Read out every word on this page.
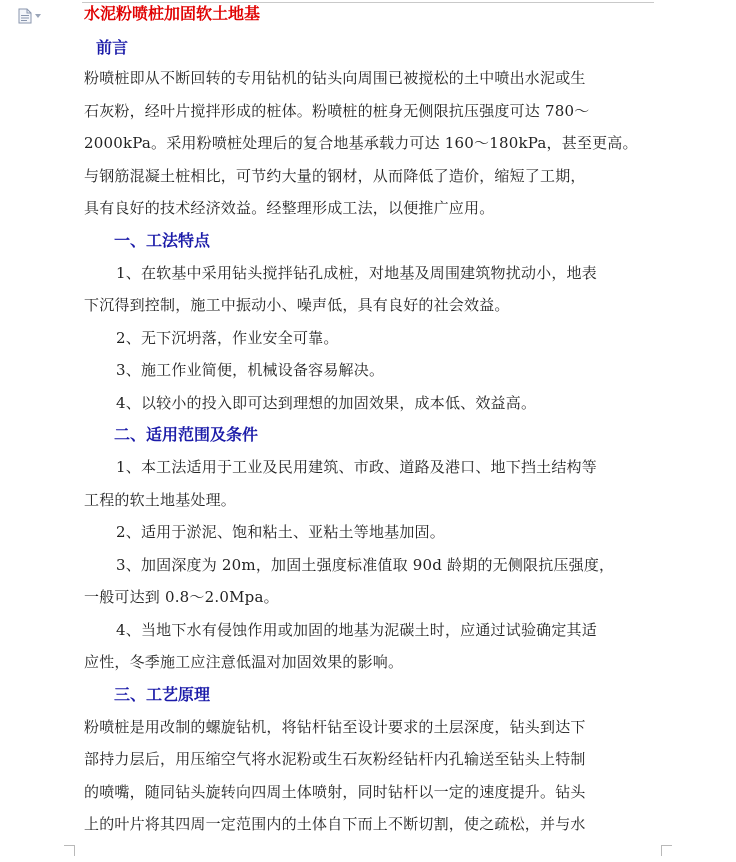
水泥粉喷桩加固软土地基
前言

粉喷桩即从不断回转的专用钻机的钻头向周围已被搅松的土中喷出水泥或生
石灰粉，经叶片搅拌形成的桩体。粉喷桩的桩身无侧限抗压强度可达 780～
2000kPa。采用粉喷桩处理后的复合地基承载力可达 160～180kPa，甚至更高。
与钢筋混凝土桩相比，可节约大量的钢材，从而降低了造价，缩短了工期，
具有良好的技术经济效益。经整理形成工法，以便推广应用。

一、工法特点

1、在软基中采用钻头搅拌钻孔成桩，对地基及周围建筑物扰动小，地表
下沉得到控制，施工中振动小、噪声低，具有良好的社会效益。

2、无下沉坍落，作业安全可靠。

3、施工作业简便，机械设备容易解决。

4、以较小的投入即可达到理想的加固效果，成本低、效益高。

二、适用范围及条件

1、本工法适用于工业及民用建筑、市政、道路及港口、地下挡土结构等
工程的软土地基处理。

2、适用于淤泥、饱和粘土、亚粘土等地基加固。

3、加固深度为 20m，加固土强度标准值取 90d 龄期的无侧限抗压强度，
一般可达到 0.8～2.0Mpa。

4、当地下水有侵蚀作用或加固的地基为泥碳土时，应通过试验确定其适
应性，冬季施工应注意低温对加固效果的影响。

三、工艺原理

粉喷桩是用改制的螺旋钻机，将钻杆钻至设计要求的土层深度，钻头到达下
部持力层后，用压缩空气将水泥粉或生石灰粉经钻杆内孔输送至钻头上特制
的喷嘴，随同钻头旋转向四周土体喷射，同时钻杆以一定的速度提升。钻头
上的叶片将其四周一定范围内的土体自下而上不断切割，使之疏松，并与水
